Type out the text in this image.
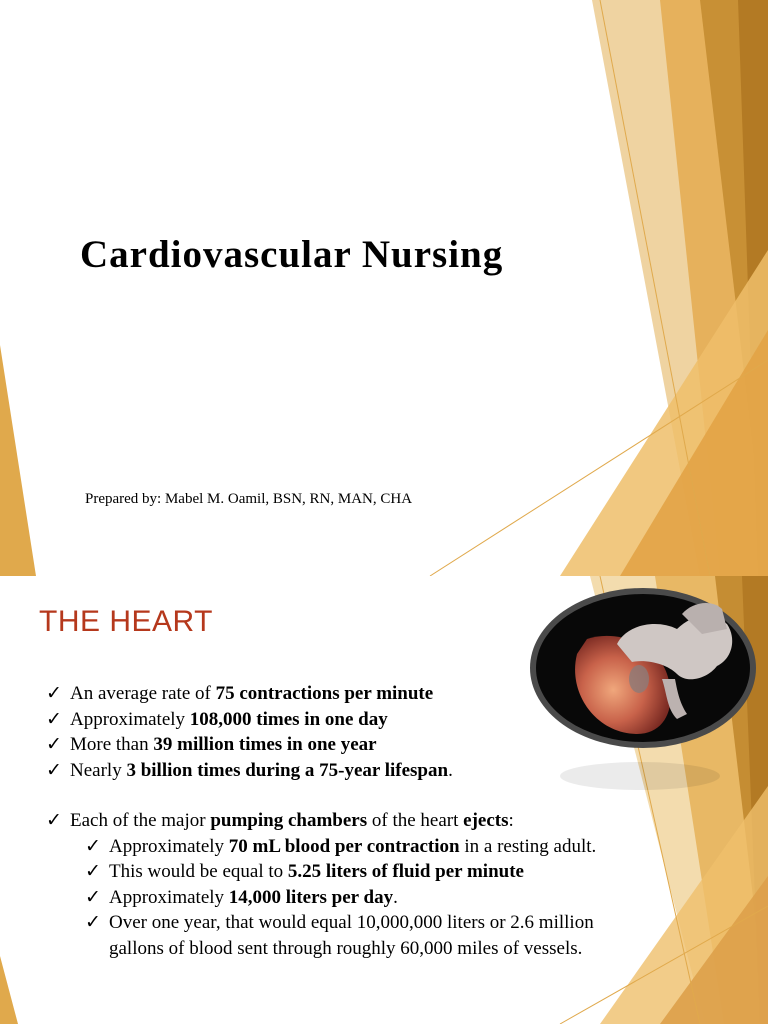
Cardiovascular Nursing
Prepared by: Mabel M. Oamil, BSN, RN, MAN, CHA
THE HEART
✓ An average rate of 75 contractions per minute
✓ Approximately 108,000 times in one day
✓ More than 39 million times in one year
✓ Nearly 3 billion times during a 75-year lifespan.
✓ Each of the major pumping chambers of the heart ejects:
✓ Approximately 70 mL blood per contraction in a resting adult.
✓ This would be equal to 5.25 liters of fluid per minute
✓ Approximately 14,000 liters per day.
✓ Over one year, that would equal 10,000,000 liters or 2.6 million gallons of blood sent through roughly 60,000 miles of vessels.
